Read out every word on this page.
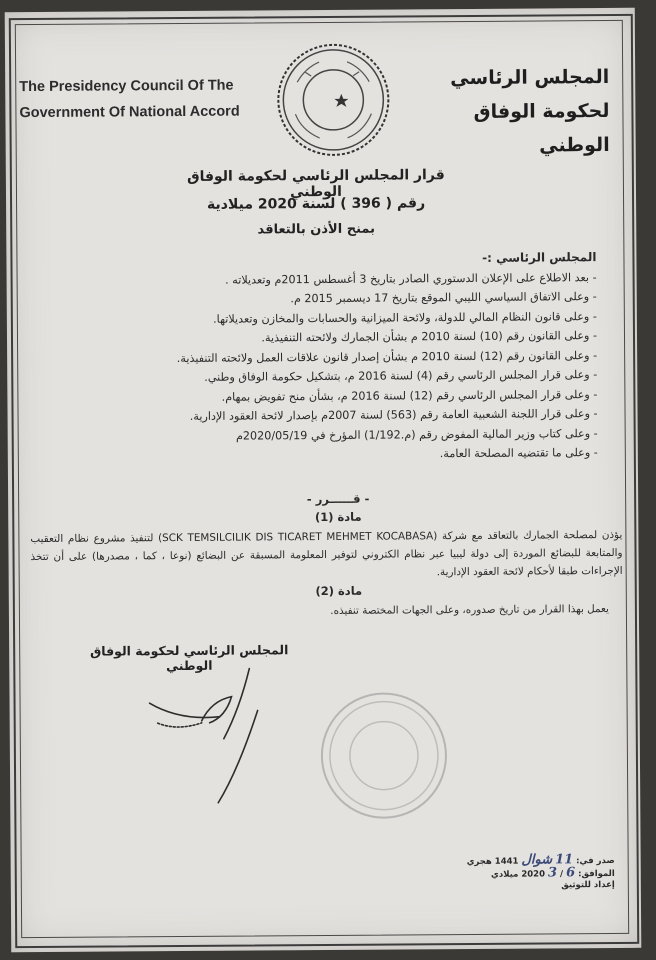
The Presidency Council Of The
Government Of National Accord
المجلس الرئاسي
لحكومة الوفاق الوطني
قرار المجلس الرئاسي لحكومة الوفاق الوطني
رقم ( 396 ) لسنة 2020 ميلادية
بمنح الأذن بالتعاقد
المجلس الرئاسي :-
- بعد الاطلاع على الإعلان الدستوري الصادر بتاريخ 3 أغسطس 2011م وتعديلاته .
- وعلى الاتفاق السياسي الليبي الموقع بتاريخ 17 ديسمبر 2015 م.
- وعلى قانون النظام المالي للدولة، ولائحة الميزانية والحسابات والمخازن وتعديلاتها.
- وعلى القانون رقم (10) لسنة 2010 م بشأن الجمارك ولائحته التنفيذية.
- وعلى القانون رقم (12) لسنة 2010 م بشأن إصدار قانون علاقات العمل ولائحته التنفيذية.
- وعلى قرار المجلس الرئاسي رقم (4) لسنة 2016 م، بتشكيل حكومة الوفاق وطني.
- وعلى قرار المجلس الرئاسي رقم (12) لسنة 2016 م، بشأن منح تفويض بمهام.
- وعلى قرار اللجنة الشعبية العامة رقم (563) لسنة 2007م بإصدار لائحة العقود الإدارية.
- وعلى كتاب وزير المالية المفوض رقم (م.1/192) المؤرخ في 2020/05/19م
- وعلى ما تقتضيه المصلحة العامة.
- قــــــرر -
مادة (1)
يؤذن لمصلحة الجمارك بالتعاقد مع شركة (SCK TEMSILCILIK DIS TICARET MEHMET KOCABASA) لتنفيذ مشروع نظام التعقيب والمتابعة للبضائع الموردة إلى دولة ليبيا عبر نظام الكتروني لتوفير المعلومة المسبقة عن البضائع (نوعا ، كما ، مصدرها) على أن تتخذ الإجراءات طبقا لأحكام لائحة العقود الإدارية.
مادة (2)
يعمل بهذا القرار من تاريخ صدوره، وعلى الجهات المختصة تنفيذه.
المجلس الرئاسي لحكومة الوفاق الوطني
صدر في: 11 شوال 1441 هجري
الموافق: 6 / 3 2020 ميلادي
إعداد للتوثيق
